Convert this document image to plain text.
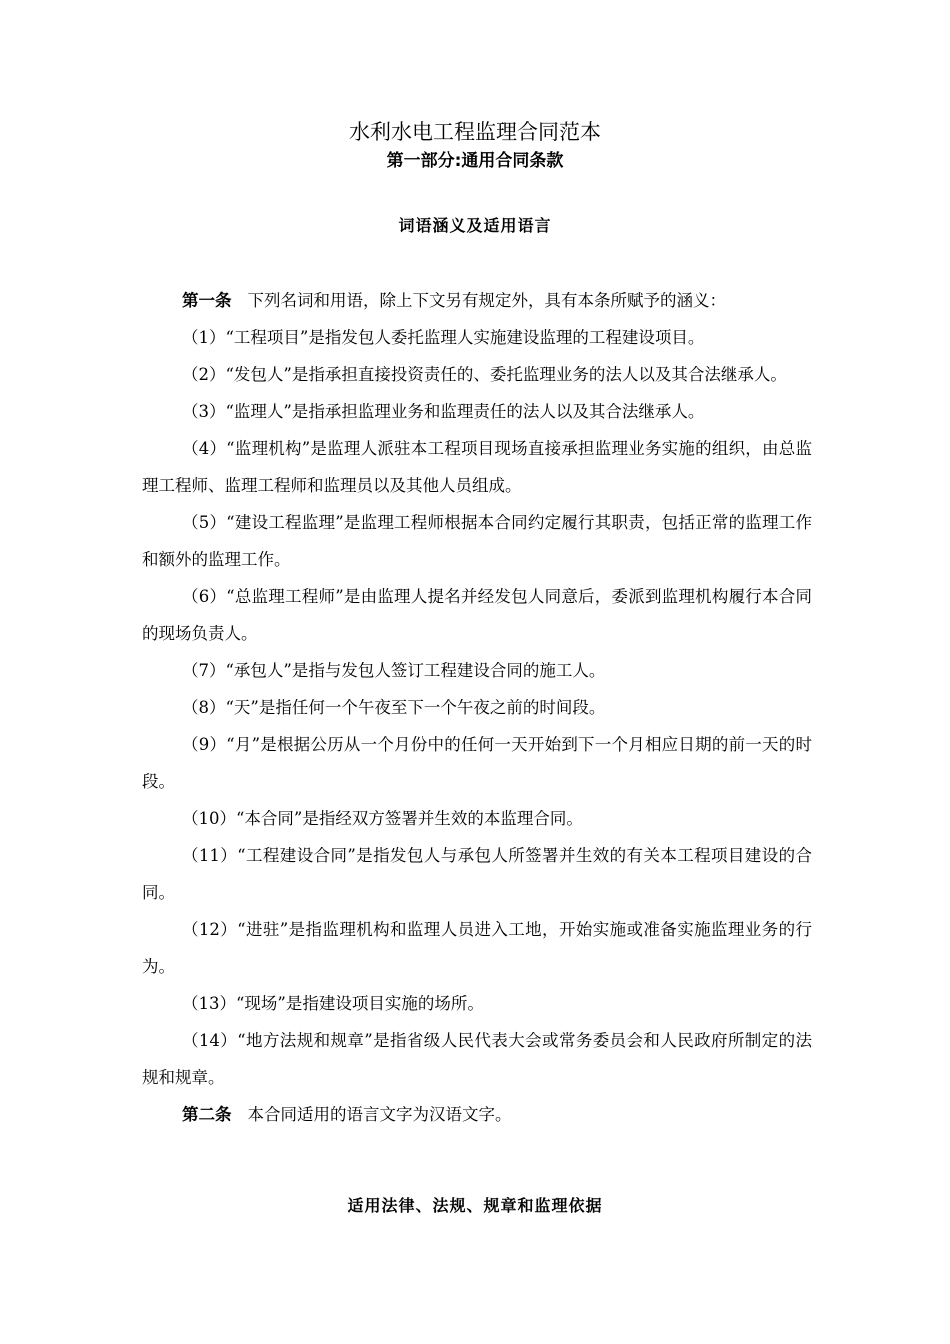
水利水电工程监理合同范本
第一部分:通用合同条款
词语涵义及适用语言

第一条 下列名词和用语，除上下文另有规定外，具有本条所赋予的涵义：

（1）“工程项目”是指发包人委托监理人实施建设监理的工程建设项目。

（2）“发包人”是指承担直接投资责任的、委托监理业务的法人以及其合法继承人。

（3）“监理人”是指承担监理业务和监理责任的法人以及其合法继承人。

（4）“监理机构”是监理人派驻本工程项目现场直接承担监理业务实施的组织，由总监理工程师、监理工程师和监理员以及其他人员组成。

（5）“建设工程监理”是监理工程师根据本合同约定履行其职责，包括正常的监理工作和额外的监理工作。

（6）“总监理工程师”是由监理人提名并经发包人同意后，委派到监理机构履行本合同的现场负责人。

（7）“承包人”是指与发包人签订工程建设合同的施工人。

（8）“天”是指任何一个午夜至下一个午夜之前的时间段。

（9）“月”是根据公历从一个月份中的任何一天开始到下一个月相应日期的前一天的时段。

（10）“本合同”是指经双方签署并生效的本监理合同。

（11）“工程建设合同”是指发包人与承包人所签署并生效的有关本工程项目建设的合同。

（12）“进驻”是指监理机构和监理人员进入工地，开始实施或准备实施监理业务的行为。

（13）“现场”是指建设项目实施的场所。

（14）“地方法规和规章”是指省级人民代表大会或常务委员会和人民政府所制定的法规和规章。

第二条 本合同适用的语言文字为汉语文字。

适用法律、法规、规章和监理依据
